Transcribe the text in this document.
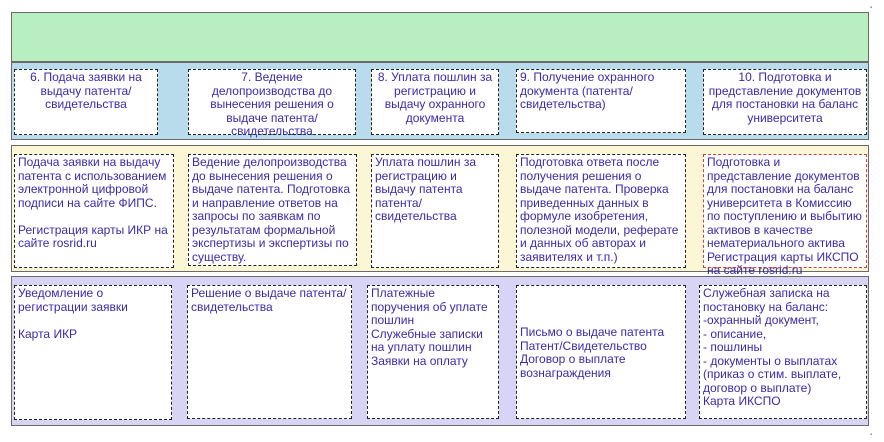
6. Подача заявки на выдачу патента/свидетельства
7. Ведение делопроизводства до вынесения решения о выдаче патента/ свидетельства
8. Уплата пошлин за регистрацию и выдачу охранного документа
9. Получение охранного документа (патента/ свидетельства)
10. Подготовка и представление документов для постановки на баланс университета
Подача заявки на выдачу патента с использованием электронной цифровой подписи на сайте ФИПС.

Регистрация карты ИКР на сайте rosrid.ru
Ведение делопроизводства до вынесения решения о выдаче патента. Подготовка и направление ответов на запросы по заявкам по результатам формальной экспертизы и экспертизы по существу.
Уплата пошлин за регистрацию и выдачу патента патента/ свидетельства
Подготовка ответа после получения решения о выдаче патента. Проверка приведенных данных в формуле изобретения, полезной модели, реферате и данных об авторах и заявителях и т.п.)
Подготовка и представление документов для постановки на баланс университета в Комиссию по поступлению и выбытию активов в качестве нематериального актива
Регистрация карты ИКСПО на сайте rosrid.ru
Уведомление о регистрации заявки

Карта ИКР
Решение о выдаче патента/свидетельства
Платежные поручения об уплате пошлин
Служебные записки на уплату пошлин
Заявки на оплату
Письмо о выдаче патента
Патент/Свидетельство
Договор о выплате вознаграждения
Служебная записка на постановку на баланс:
-охранный документ,
- описание,
- пошлины
- документы о выплатах (приказ о стим. выплате, договор о выплате)
Карта ИКСПО
▪
▪
